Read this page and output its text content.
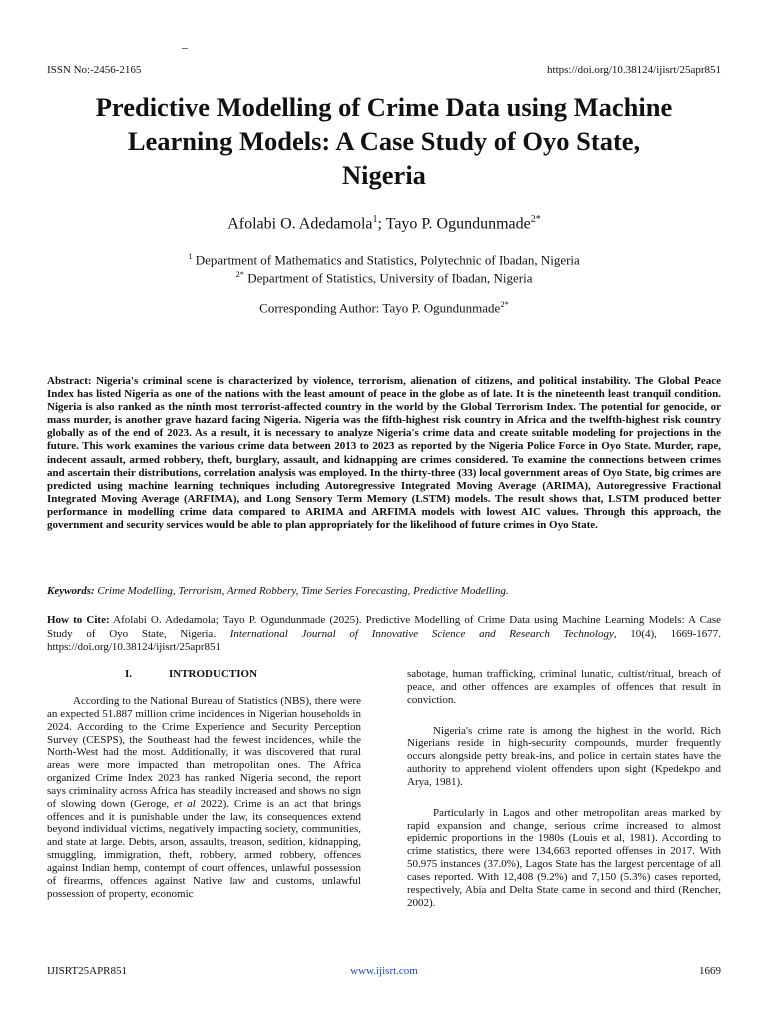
–
ISSN No:-2456-2165	https://doi.org/10.38124/ijisrt/25apr851
Predictive Modelling of Crime Data using Machine
Learning Models: A Case Study of Oyo State,
Nigeria
Afolabi O. Adedamola$^1$; Tayo P. Ogundunmade$^{2*}$
$^1$ Department of Mathematics and Statistics, Polytechnic of Ibadan, Nigeria
$^{2*}$ Department of Statistics, University of Ibadan, Nigeria
Corresponding Author: Tayo P. Ogundunmade$^{2*}$

Abstract: Nigeria's criminal scene is characterized by violence, terrorism, alienation of citizens, and political instability. The Global Peace Index has listed Nigeria as one of the nations with the least amount of peace in the globe as of late. It is the nineteenth least tranquil condition. Nigeria is also ranked as the ninth most terrorist-affected country in the world by the Global Terrorism Index. The potential for genocide, or mass murder, is another grave hazard facing Nigeria. Nigeria was the fifth-highest risk country in Africa and the twelfth-highest risk country globally as of the end of 2023. As a result, it is necessary to analyze Nigeria's crime data and create suitable modeling for projections in the future. This work examines the various crime data between 2013 to 2023 as reported by the Nigeria Police Force in Oyo State. Murder, rape, indecent assault, armed robbery, theft, burglary, assault, and kidnapping are crimes considered. To examine the connections between crimes and ascertain their distributions, correlation analysis was employed. In the thirty-three (33) local government areas of Oyo State, big crimes are predicted using machine learning techniques including Autoregressive Integrated Moving Average (ARIMA), Autoregressive Fractional Integrated Moving Average (ARFIMA), and Long Sensory Term Memory (LSTM) models. The result shows that, LSTM produced better performance in modelling crime data compared to ARIMA and ARFIMA models with lowest AIC values. Through this approach, the government and security services would be able to plan appropriately for the likelihood of future crimes in Oyo State.

Keywords: Crime Modelling, Terrorism, Armed Robbery, Time Series Forecasting, Predictive Modelling.

How to Cite: Afolabi O. Adedamola; Tayo P. Ogundunmade (2025). Predictive Modelling of Crime Data using Machine Learning Models: A Case Study of Oyo State, Nigeria. International Journal of Innovative Science and Research Technology, 10(4), 1669-1677. https://doi.org/10.38124/ijisrt/25apr851

I.	INTRODUCTION

According to the National Bureau of Statistics (NBS), there were an expected 51.887 million crime incidences in Nigerian households in 2024. According to the Crime Experience and Security Perception Survey (CESPS), the Southeast had the fewest incidences, while the North-West had the most. Additionally, it was discovered that rural areas were more impacted than metropolitan ones. The Africa organized Crime Index 2023 has ranked Nigeria second, the report says criminality across Africa has steadily increased and shows no sign of slowing down (Geroge, et al 2022). Crime is an act that brings offences and it is punishable under the law, its consequences extend beyond individual victims, negatively impacting society, communities, and state at large. Debts, arson, assaults, treason, sedition, kidnapping, smuggling, immigration, theft, robbery, armed robbery, offences against Indian hemp, contempt of court offences, unlawful possession of firearms, offences against Native law and customs, unlawful possession of property, economic

sabotage, human trafficking, criminal lunatic, cultist/ritual, breach of peace, and other offences are examples of offences that result in conviction.

Nigeria's crime rate is among the highest in the world. Rich Nigerians reside in high-security compounds, murder frequently occurs alongside petty break-ins, and police in certain states have the authority to apprehend violent offenders upon sight (Kpedekpo and Arya, 1981).

Particularly in Lagos and other metropolitan areas marked by rapid expansion and change, serious crime increased to almost epidemic proportions in the 1980s (Louis et al, 1981). According to crime statistics, there were 134,663 reported offenses in 2017. With 50.975 instances (37.0%), Lagos State has the largest percentage of all cases reported. With 12,408 (9.2%) and 7,150 (5.3%) cases reported, respectively, Abia and Delta State came in second and third (Rencher, 2002).

IJISRT25APR851	www.ijisrt.com	1669
